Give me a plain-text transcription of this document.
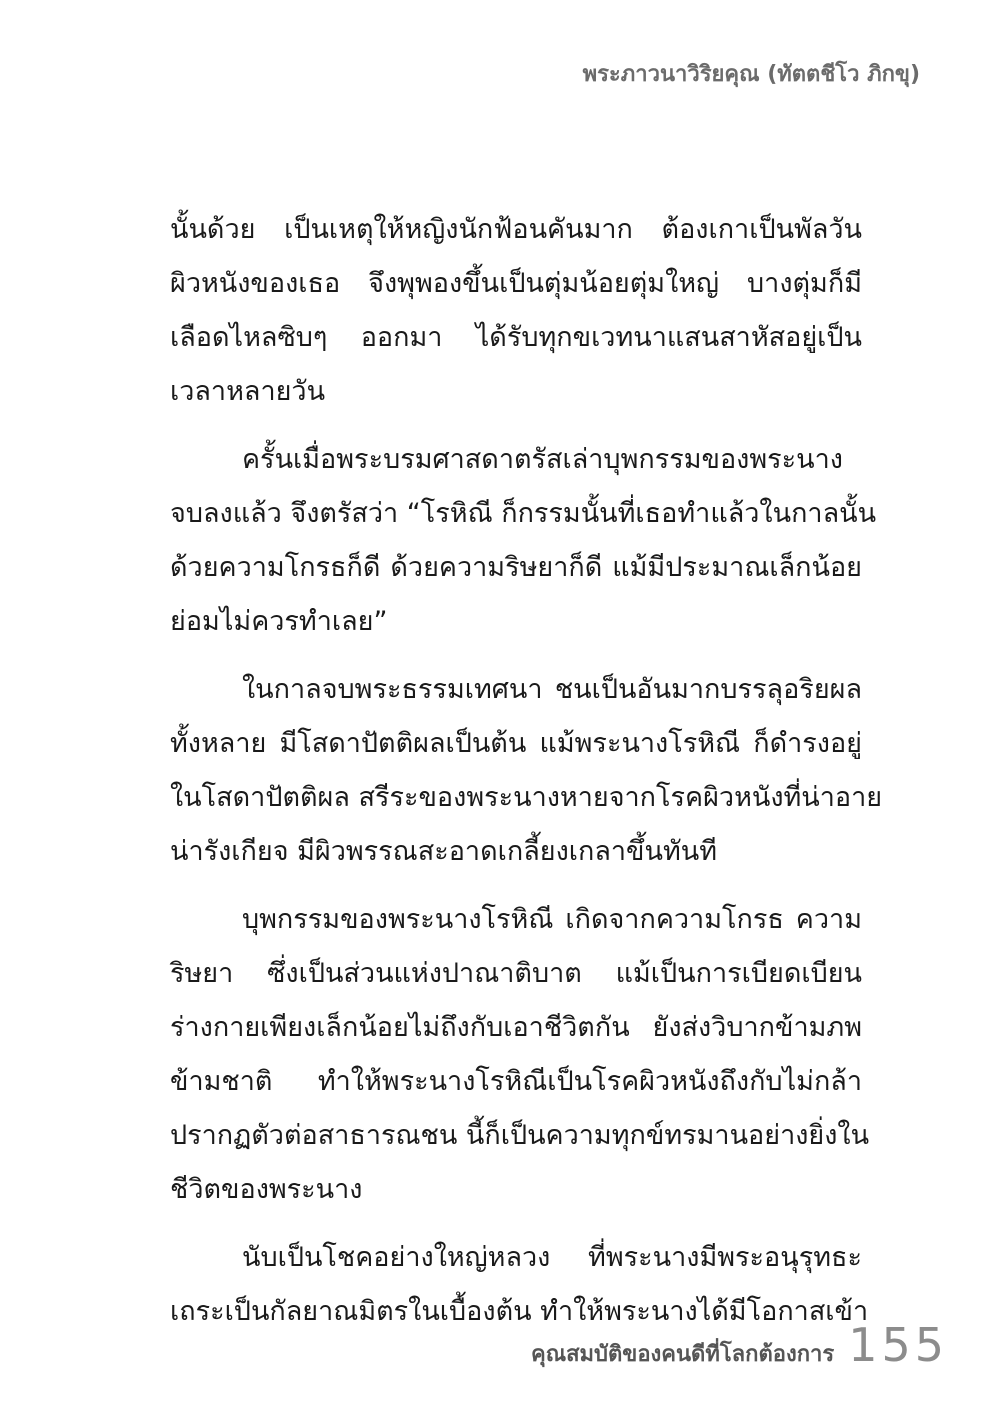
พระภาวนาวิริยคุณ (ทัตตชีโว ภิกขุ)
นั้นด้วย เป็นเหตุให้หญิงนักฟ้อนคันมาก ต้องเกาเป็นพัลวัน
ผิวหนังของเธอ จึงพุพองขึ้นเป็นตุ่มน้อยตุ่มใหญ่ บางตุ่มก็มี
เลือดไหลซิบๆ ออกมา ได้รับทุกขเวทนาแสนสาหัสอยู่เป็น
เวลาหลายวัน
ครั้นเมื่อพระบรมศาสดาตรัสเล่าบุพกรรมของพระนาง
จบลงแล้ว จึงตรัสว่า “โรหิณี ก็กรรมนั้นที่เธอทำแล้วในกาลนั้น
ด้วยความโกรธก็ดี ด้วยความริษยาก็ดี แม้มีประมาณเล็กน้อย
ย่อมไม่ควรทำเลย”
ในกาลจบพระธรรมเทศนา ชนเป็นอันมากบรรลุอริยผล
ทั้งหลาย มีโสดาปัตติผลเป็นต้น แม้พระนางโรหิณี ก็ดำรงอยู่
ในโสดาปัตติผล สรีระของพระนางหายจากโรคผิวหนังที่น่าอาย
น่ารังเกียจ มีผิวพรรณสะอาดเกลี้ยงเกลาขึ้นทันที
บุพกรรมของพระนางโรหิณี เกิดจากความโกรธ ความ
ริษยา ซึ่งเป็นส่วนแห่งปาณาติบาต แม้เป็นการเบียดเบียน
ร่างกายเพียงเล็กน้อยไม่ถึงกับเอาชีวิตกัน ยังส่งวิบากข้ามภพ
ข้ามชาติ ทำให้พระนางโรหิณีเป็นโรคผิวหนังถึงกับไม่กล้า
ปรากฏตัวต่อสาธารณชน นี้ก็เป็นความทุกข์ทรมานอย่างยิ่งใน
ชีวิตของพระนาง
นับเป็นโชคอย่างใหญ่หลวง ที่พระนางมีพระอนุรุทธะ
เถระเป็นกัลยาณมิตรในเบื้องต้น ทำให้พระนางได้มีโอกาสเข้า
คุณสมบัติของคนดีที่โลกต้องการ 155
